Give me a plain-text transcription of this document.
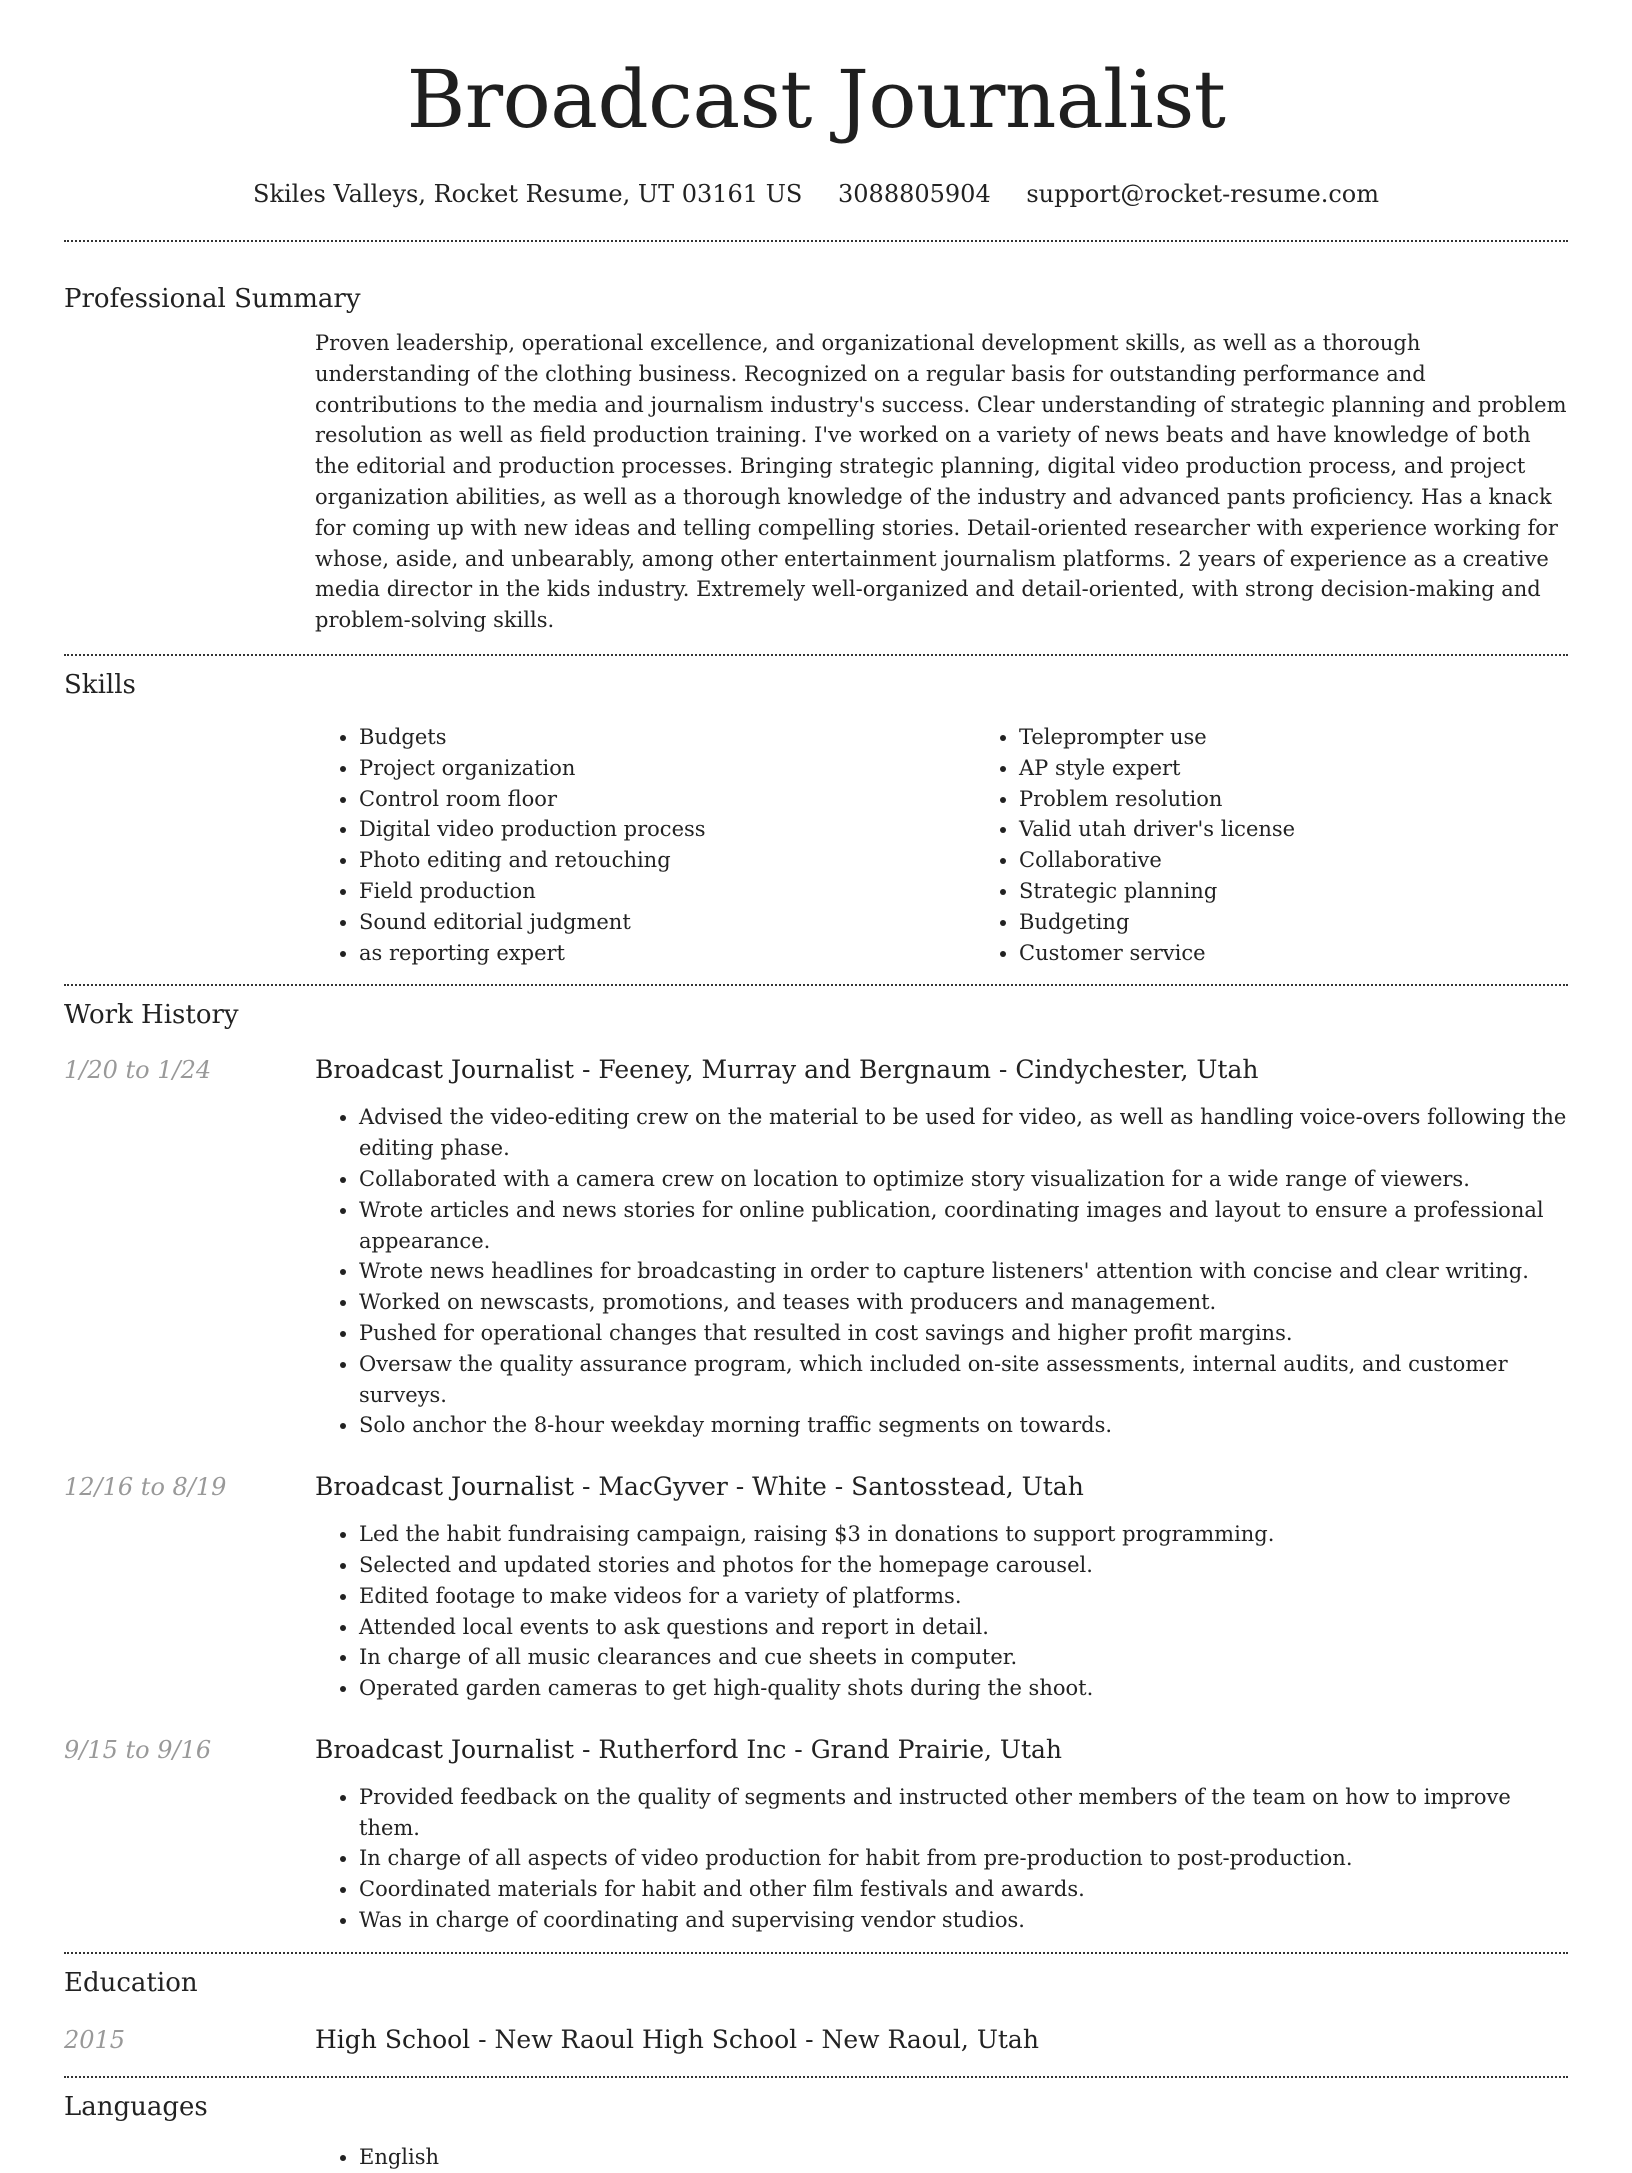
Broadcast Journalist
Skiles Valleys, Rocket Resume, UT 03161 US 3088805904 support@rocket-resume.com
Professional Summary

Proven leadership, operational excellence, and organizational development skills, as well as a thorough understanding of the clothing business. Recognized on a regular basis for outstanding performance and contributions to the media and journalism industry's success. Clear understanding of strategic planning and problem resolution as well as field production training. I've worked on a variety of news beats and have knowledge of both the editorial and production processes. Bringing strategic planning, digital video production process, and project organization abilities, as well as a thorough knowledge of the industry and advanced pants proficiency. Has a knack for coming up with new ideas and telling compelling stories. Detail-oriented researcher with experience working for whose, aside, and unbearably, among other entertainment journalism platforms. 2 years of experience as a creative media director in the kids industry. Extremely well-organized and detail-oriented, with strong decision-making and problem-solving skills.

Skills
• Budgets
• Project organization
• Control room floor
• Digital video production process
• Photo editing and retouching
• Field production
• Sound editorial judgment
• as reporting expert
• Teleprompter use
• AP style expert
• Problem resolution
• Valid utah driver's license
• Collaborative
• Strategic planning
• Budgeting
• Customer service
Work History
1/20 to 1/24	Broadcast Journalist - Feeney, Murray and Bergnaum - Cindychester, Utah
• Advised the video-editing crew on the material to be used for video, as well as handling voice-overs following the editing phase.
• Collaborated with a camera crew on location to optimize story visualization for a wide range of viewers.
• Wrote articles and news stories for online publication, coordinating images and layout to ensure a professional appearance.
• Wrote news headlines for broadcasting in order to capture listeners' attention with concise and clear writing.
• Worked on newscasts, promotions, and teases with producers and management.
• Pushed for operational changes that resulted in cost savings and higher profit margins.
• Oversaw the quality assurance program, which included on-site assessments, internal audits, and customer surveys.
• Solo anchor the 8-hour weekday morning traffic segments on towards.
12/16 to 8/19	Broadcast Journalist - MacGyver - White - Santosstead, Utah
• Led the habit fundraising campaign, raising $3 in donations to support programming.
• Selected and updated stories and photos for the homepage carousel.
• Edited footage to make videos for a variety of platforms.
• Attended local events to ask questions and report in detail.
• In charge of all music clearances and cue sheets in computer.
• Operated garden cameras to get high-quality shots during the shoot.
9/15 to 9/16	Broadcast Journalist - Rutherford Inc - Grand Prairie, Utah
• Provided feedback on the quality of segments and instructed other members of the team on how to improve them.
• In charge of all aspects of video production for habit from pre-production to post-production.
• Coordinated materials for habit and other film festivals and awards.
• Was in charge of coordinating and supervising vendor studios.
Education
2015	High School - New Raoul High School - New Raoul, Utah
Languages
• English
